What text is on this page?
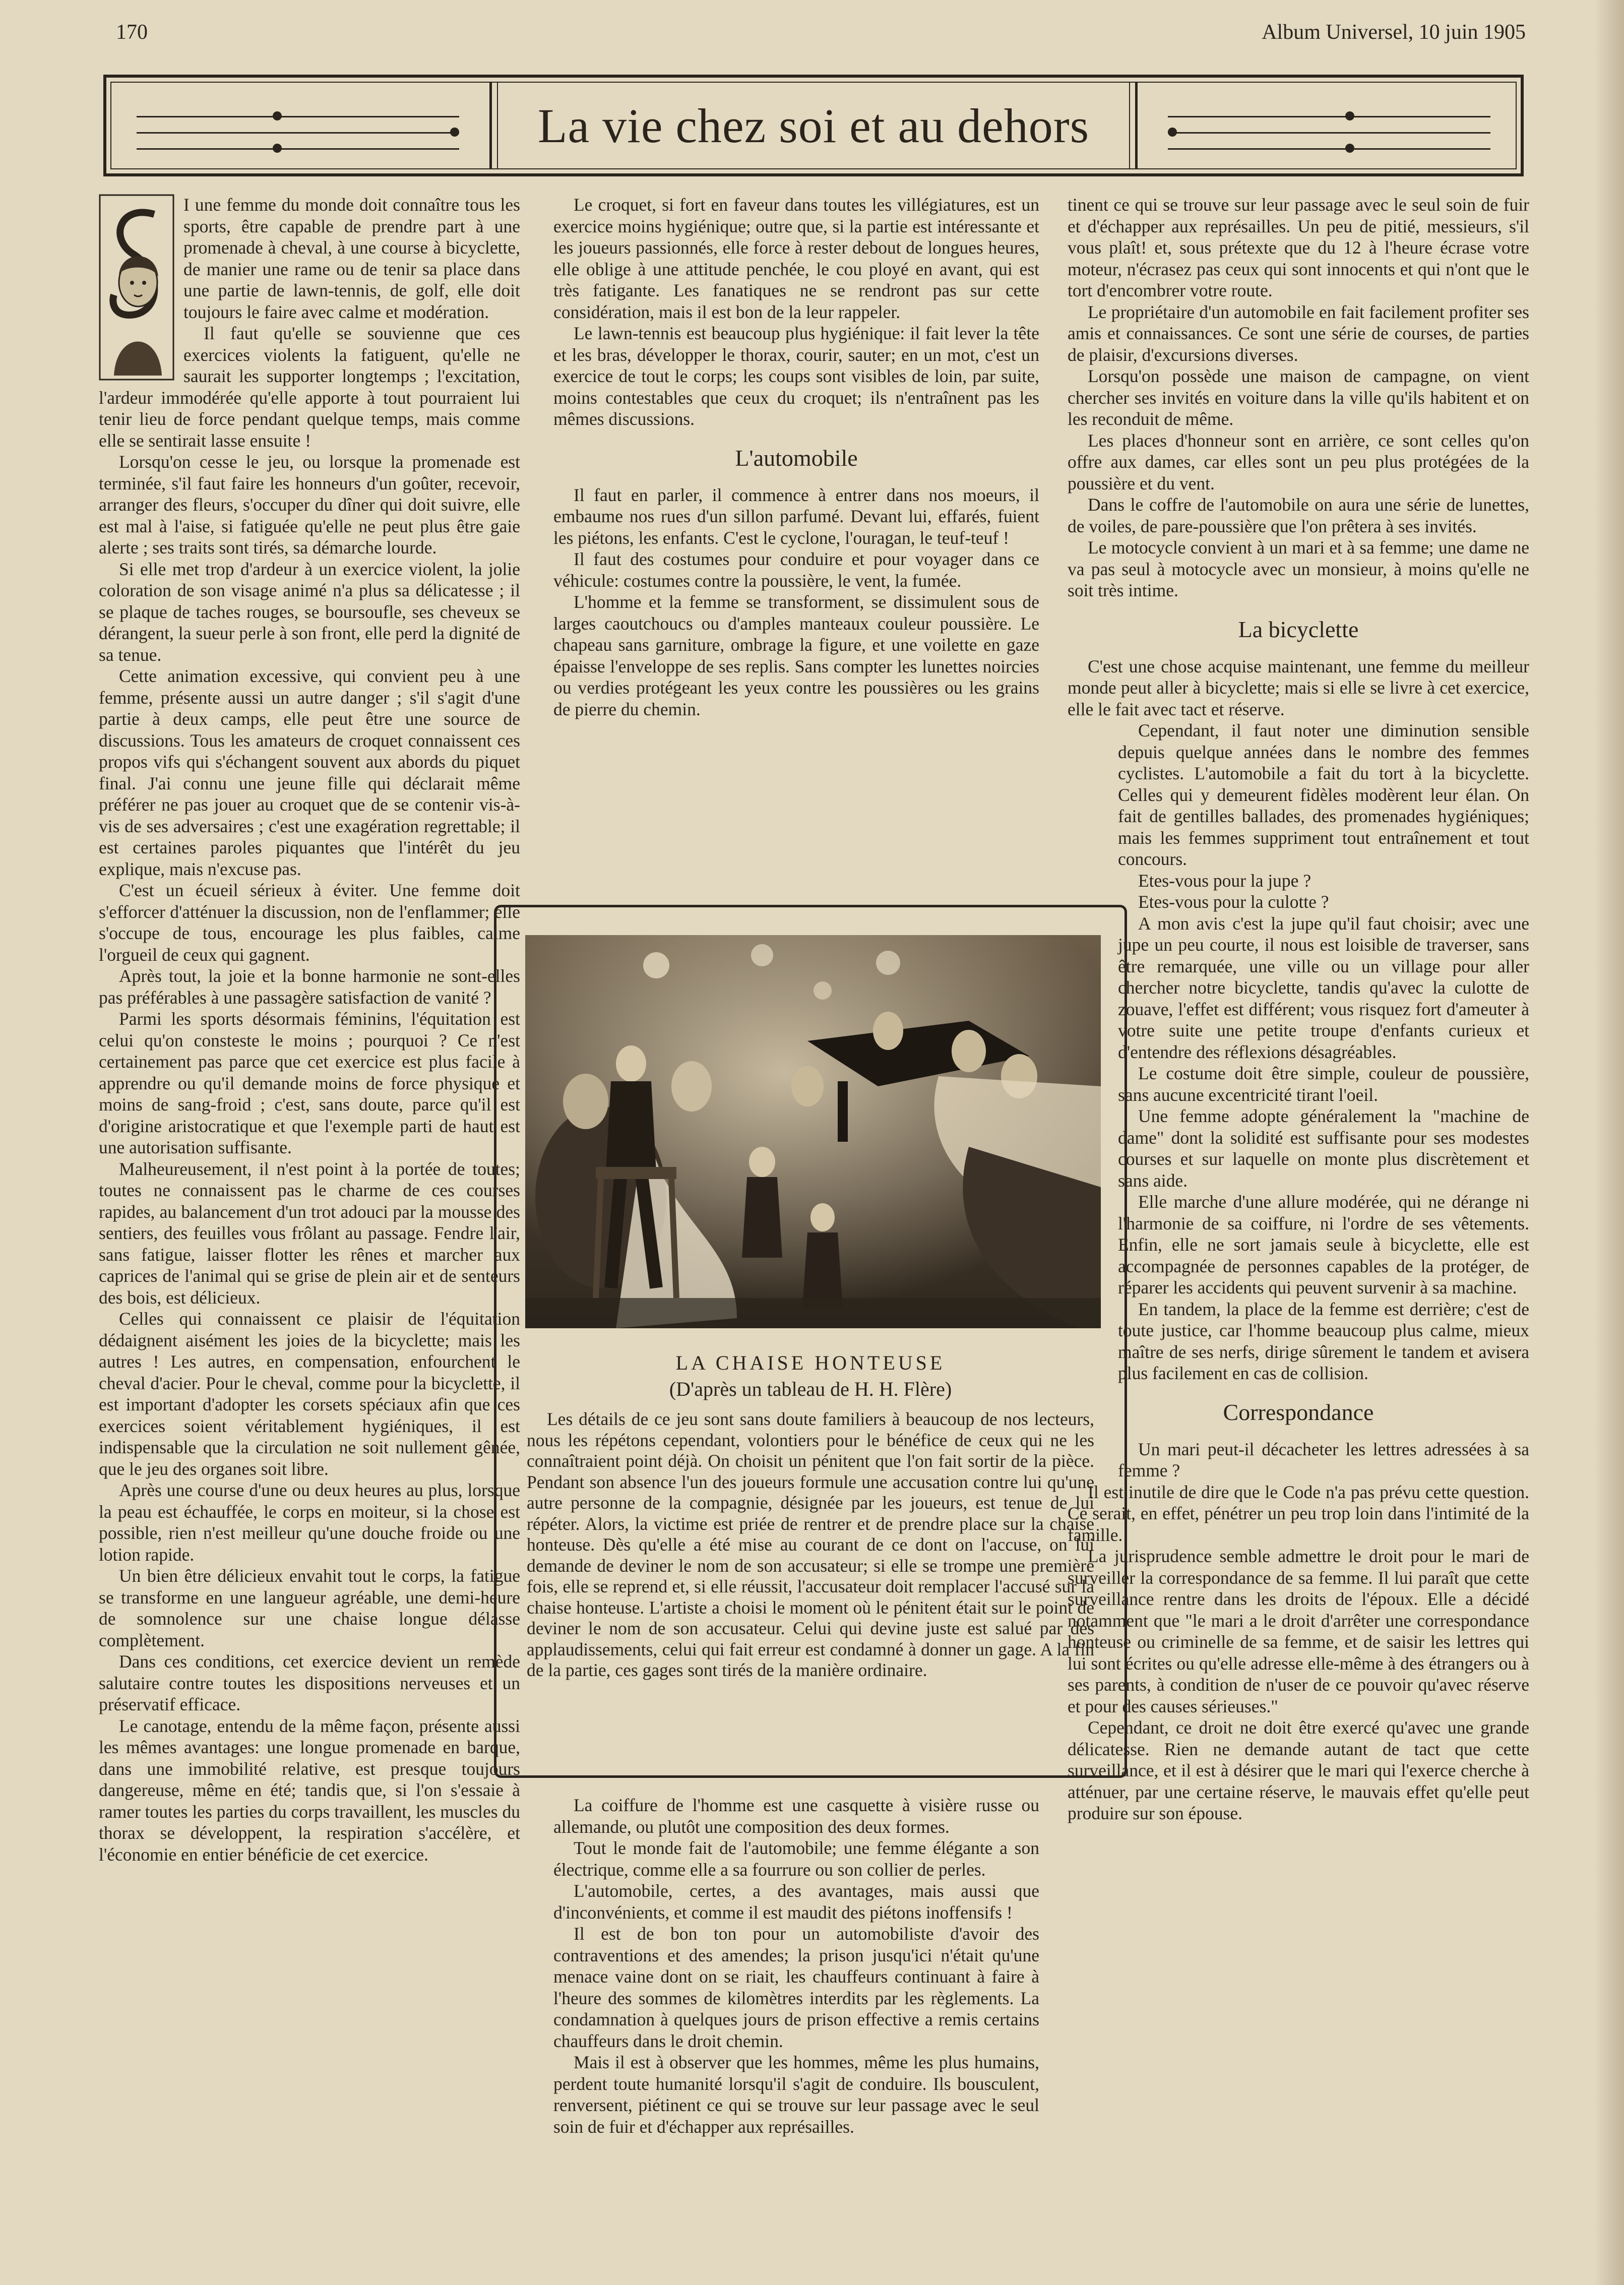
170	Album Universel, 10 juin 1905
La vie chez soi et au dehors

I une femme du monde doit connaître tous les sports, être capable de prendre part à une promenade à cheval, à une course à bicyclette, de manier une rame ou de tenir sa place dans une partie de lawn-tennis, de golf, elle doit toujours le faire avec calme et modération.

Il faut qu'elle se souvienne que ces exercices violents la fatiguent, qu'elle ne saurait les supporter longtemps ; l'excitation, l'ardeur immodérée qu'elle apporte à tout pourraient lui tenir lieu de force pendant quelque temps, mais comme elle se sentirait lasse ensuite !

Lorsqu'on cesse le jeu, ou lorsque la promenade est terminée, s'il faut faire les honneurs d'un goûter, recevoir, arranger des fleurs, s'occuper du dîner qui doit suivre, elle est mal à l'aise, si fatiguée qu'elle ne peut plus être gaie alerte ; ses traits sont tirés, sa démarche lourde.

Si elle met trop d'ardeur à un exercice violent, la jolie coloration de son visage animé n'a plus sa délicatesse ; il se plaque de taches rouges, se boursoufle, ses cheveux se dérangent, la sueur perle à son front, elle perd la dignité de sa tenue.

Cette animation excessive, qui convient peu à une femme, présente aussi un autre danger ; s'il s'agit d'une partie à deux camps, elle peut être une source de discussions. Tous les amateurs de croquet connaissent ces propos vifs qui s'échangent souvent aux abords du piquet final. J'ai connu une jeune fille qui déclarait même préférer ne pas jouer au croquet que de se contenir vis-à-vis de ses adversaires ; c'est une exagération regrettable; il est certaines paroles piquantes que l'intérêt du jeu explique, mais n'excuse pas.

C'est un écueil sérieux à éviter. Une femme doit s'efforcer d'atténuer la discussion, non de l'enflammer; elle s'occupe de tous, encourage les plus faibles, calme l'orgueil de ceux qui gagnent.

Après tout, la joie et la bonne harmonie ne sont-elles pas préférables à une passagère satisfaction de vanité ?

Parmi les sports désormais féminins, l'équitation est celui qu'on consteste le moins ; pourquoi ? Ce n'est certainement pas parce que cet exercice est plus facile à apprendre ou qu'il demande moins de force physique et moins de sang-froid ; c'est, sans doute, parce qu'il est d'origine aristocratique et que l'exemple parti de haut est une autorisation suffisante.

Malheureusement, il n'est point à la portée de toutes; toutes ne connaissent pas le charme de ces courses rapides, au balancement d'un trot adouci par la mousse des sentiers, des feuilles vous frôlant au passage. Fendre l'air, sans fatigue, laisser flotter les rênes et marcher aux caprices de l'animal qui se grise de plein air et de senteurs des bois, est délicieux.

Celles qui connaissent ce plaisir de l'équitation dédaignent aisément les joies de la bicyclette; mais les autres ! Les autres, en compensation, enfourchent le cheval d'acier. Pour le cheval, comme pour la bicyclette, il est important d'adopter les corsets spéciaux afin que ces exercices soient véritablement hygiéniques, il est indispensable que la circulation ne soit nullement gênée, que le jeu des organes soit libre.

Après une course d'une ou deux heures au plus, lorsque la peau est échauffée, le corps en moiteur, si la chose est possible, rien n'est meilleur qu'une douche froide ou une lotion rapide.

Un bien être délicieux envahit tout le corps, la fatigue se transforme en une langueur agréable, une demi-heure de somnolence sur une chaise longue délasse complètement.

Dans ces conditions, cet exercice devient un remède salutaire contre toutes les dispositions nerveuses et un préservatif efficace.

Le canotage, entendu de la même façon, présente aussi les mêmes avantages: une longue promenade en barque, dans une immobilité relative, est presque toujours dangereuse, même en été; tandis que, si l'on s'essaie à ramer toutes les parties du corps travaillent, les muscles du thorax se développent, la respiration s'accélère, et l'économie en entier bénéficie de cet exercice.

Le croquet, si fort en faveur dans toutes les villégiatures, est un exercice moins hygiénique; outre que, si la partie est intéressante et les joueurs passionnés, elle force à rester debout de longues heures, elle oblige à une attitude penchée, le cou ployé en avant, qui est très fatigante. Les fanatiques ne se rendront pas sur cette considération, mais il est bon de la leur rappeler.

Le lawn-tennis est beaucoup plus hygiénique: il fait lever la tête et les bras, développer le thorax, courir, sauter; en un mot, c'est un exercice de tout le corps; les coups sont visibles de loin, par suite, moins contestables que ceux du croquet; ils n'entraînent pas les mêmes discussions.

L'automobile

Il faut en parler, il commence à entrer dans nos moeurs, il embaume nos rues d'un sillon parfumé. Devant lui, effarés, fuient les piétons, les enfants. C'est le cyclone, l'ouragan, le teuf-teuf !

Il faut des costumes pour conduire et pour voyager dans ce véhicule: costumes contre la poussière, le vent, la fumée.

L'homme et la femme se transforment, se dissimulent sous de larges caoutchoucs ou d'amples manteaux couleur poussière. Le chapeau sans garniture, ombrage la figure, et une voilette en gaze épaisse l'enveloppe de ses replis. Sans compter les lunettes noircies ou verdies protégeant les yeux contre les poussières ou les grains de pierre du chemin.

LA CHAISE HONTEUSE
(D'après un tableau de H. H. Flère)

Les détails de ce jeu sont sans doute familiers à beaucoup de nos lecteurs, nous les répétons cependant, volontiers pour le bénéfice de ceux qui ne les connaîtraient point déjà. On choisit un pénitent que l'on fait sortir de la pièce. Pendant son absence l'un des joueurs formule une accusation contre lui qu'une autre personne de la compagnie, désignée par les joueurs, est tenue de lui répéter. Alors, la victime est priée de rentrer et de prendre place sur la chaise honteuse. Dès qu'elle a été mise au courant de ce dont on l'accuse, on lui demande de deviner le nom de son accusateur; si elle se trompe une première fois, elle se reprend et, si elle réussit, l'accusateur doit remplacer l'accusé sur la chaise honteuse. L'artiste a choisi le moment où le pénitent était sur le point de deviner le nom de son accusateur. Celui qui devine juste est salué par des applaudissements, celui qui fait erreur est condamné à donner un gage. A la fin de la partie, ces gages sont tirés de la manière ordinaire.

La coiffure de l'homme est une casquette à visière russe ou allemande, ou plutôt une composition des deux formes.

Tout le monde fait de l'automobile; une femme élégante a son électrique, comme elle a sa fourrure ou son collier de perles.

L'automobile, certes, a des avantages, mais aussi que d'inconvénients, et comme il est maudit des piétons inoffensifs !

Il est de bon ton pour un automobiliste d'avoir des contraventions et des amendes; la prison jusqu'ici n'était qu'une menace vaine dont on se riait, les chauffeurs continuant à faire à l'heure des sommes de kilomètres interdits par les règlements. La condamnation à quelques jours de prison effective a remis certains chauffeurs dans le droit chemin.

Mais il est à observer que les hommes, même les plus humains, perdent toute humanité lorsqu'il s'agit de conduire. Ils bousculent, renversent, piétinent ce qui se trouve sur leur passage avec le seul soin de fuir et d'échapper aux représailles.

tinent ce qui se trouve sur leur passage avec le seul soin de fuir et d'échapper aux représailles. Un peu de pitié, messieurs, s'il vous plaît! et, sous prétexte que du 12 à l'heure écrase votre moteur, n'écrasez pas ceux qui sont innocents et qui n'ont que le tort d'encombrer votre route.

Le propriétaire d'un automobile en fait facilement profiter ses amis et connaissances. Ce sont une série de courses, de parties de plaisir, d'excursions diverses.

Lorsqu'on possède une maison de campagne, on vient chercher ses invités en voiture dans la ville qu'ils habitent et on les reconduit de même.

Les places d'honneur sont en arrière, ce sont celles qu'on offre aux dames, car elles sont un peu plus protégées de la poussière et du vent.

Dans le coffre de l'automobile on aura une série de lunettes, de voiles, de pare-poussière que l'on prêtera à ses invités.

Le motocycle convient à un mari et à sa femme; une dame ne va pas seul à motocycle avec un monsieur, à moins qu'elle ne soit très intime.

La bicyclette

C'est une chose acquise maintenant, une femme du meilleur monde peut aller à bicyclette; mais si elle se livre à cet exercice, elle le fait avec tact et réserve.

Cependant, il faut noter une diminution sensible depuis quelque années dans le nombre des femmes cyclistes. L'automobile a fait du tort à la bicyclette. Celles qui y demeurent fidèles modèrent leur élan. On fait de gentilles ballades, des promenades hygiéniques; mais les femmes suppriment tout entraînement et tout concours.

Etes-vous pour la jupe ?

Etes-vous pour la culotte ?

A mon avis c'est la jupe qu'il faut choisir; avec une jupe un peu courte, il nous est loisible de traverser, sans être remarquée, une ville ou un village pour aller chercher notre bicyclette, tandis qu'avec la culotte de zouave, l'effet est différent; vous risquez fort d'ameuter à votre suite une petite troupe d'enfants curieux et d'entendre des réflexions désagréables.

Le costume doit être simple, couleur de poussière, sans aucune excentricité tirant l'oeil.

Une femme adopte généralement la "machine de dame" dont la solidité est suffisante pour ses modestes courses et sur laquelle on monte plus discrètement et sans aide.

Elle marche d'une allure modérée, qui ne dérange ni l'harmonie de sa coiffure, ni l'ordre de ses vêtements. Enfin, elle ne sort jamais seule à bicyclette, elle est accompagnée de personnes capables de la protéger, de réparer les accidents qui peuvent survenir à sa machine.

En tandem, la place de la femme est derrière; c'est de toute justice, car l'homme beaucoup plus calme, mieux maître de ses nerfs, dirige sûrement le tandem et avisera plus facilement en cas de collision.

Correspondance

Un mari peut-il décacheter les lettres adressées à sa femme ?

Il est inutile de dire que le Code n'a pas prévu cette question. Ce serait, en effet, pénétrer un peu trop loin dans l'intimité de la famille.

La jurisprudence semble admettre le droit pour le mari de surveiller la correspondance de sa femme. Il lui paraît que cette surveillance rentre dans les droits de l'époux. Elle a décidé notamment que "le mari a le droit d'arrêter une correspondance honteuse ou criminelle de sa femme, et de saisir les lettres qui lui sont écrites ou qu'elle adresse elle-même à des étrangers ou à ses parents, à condition de n'user de ce pouvoir qu'avec réserve et pour des causes sérieuses."

Cependant, ce droit ne doit être exercé qu'avec une grande délicatesse. Rien ne demande autant de tact que cette surveillance, et il est à désirer que le mari qui l'exerce cherche à atténuer, par une certaine réserve, le mauvais effet qu'elle peut produire sur son épouse.
